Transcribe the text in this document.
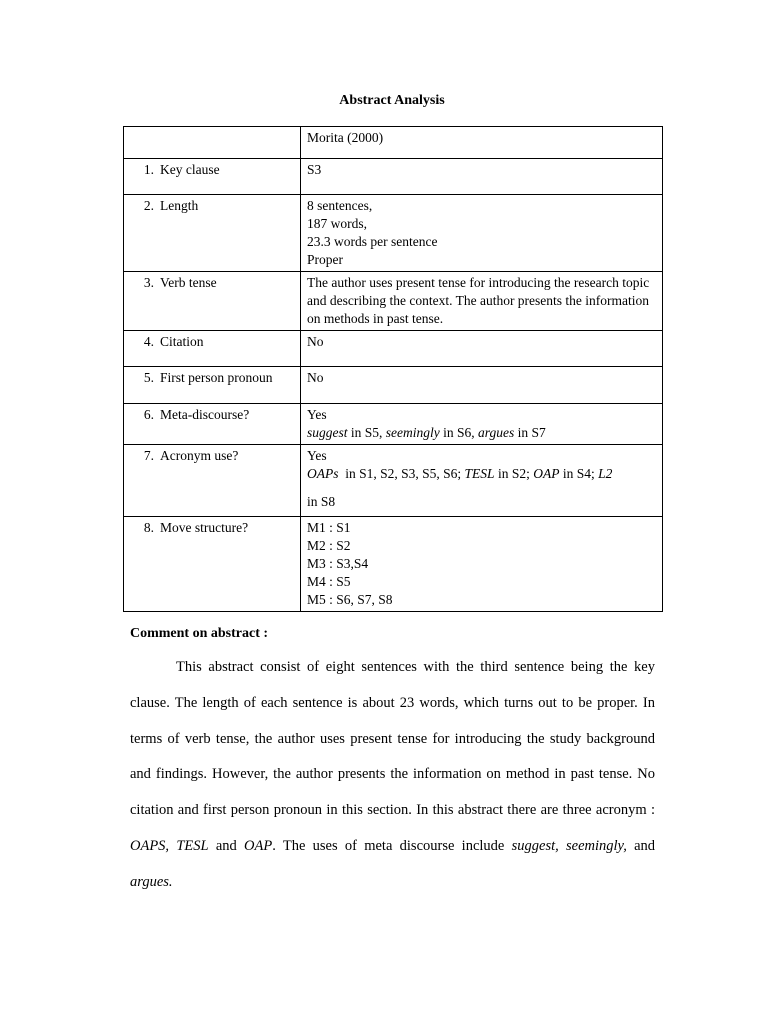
Abstract Analysis
	Morita (2000)
1. Key clause	S3
2. Length	8 sentences,
187 words,
23.3 words per sentence
Proper

3. Verb tense	The author uses present tense for introducing the research topic and describing the context. The author presents the information on methods in past tense.
4. Citation	No
5. First person pronoun	No
6. Meta-discourse?	Yes
suggest in S5, seemingly in S6, argues in S7

7. Acronym use?	Yes
OAPs  in S1, S2, S3, S5, S6; TESL in S2; OAP in S4; L2
in S8

8. Move structure?	M1 : S1
M2 : S2
M3 : S3,S4
M4 : S5
M5 : S6, S7, S8
Comment on abstract :
This abstract consist of eight sentences with the third sentence being the key clause. The length of each sentence is about 23 words, which turns out to be proper. In terms of verb tense, the author uses present tense for introducing the study background and findings. However, the author presents the information on method in past tense. No citation and first person pronoun in this section. In this abstract there are three acronym : OAPS, TESL and OAP. The uses of meta discourse include suggest, seemingly, and argues.
